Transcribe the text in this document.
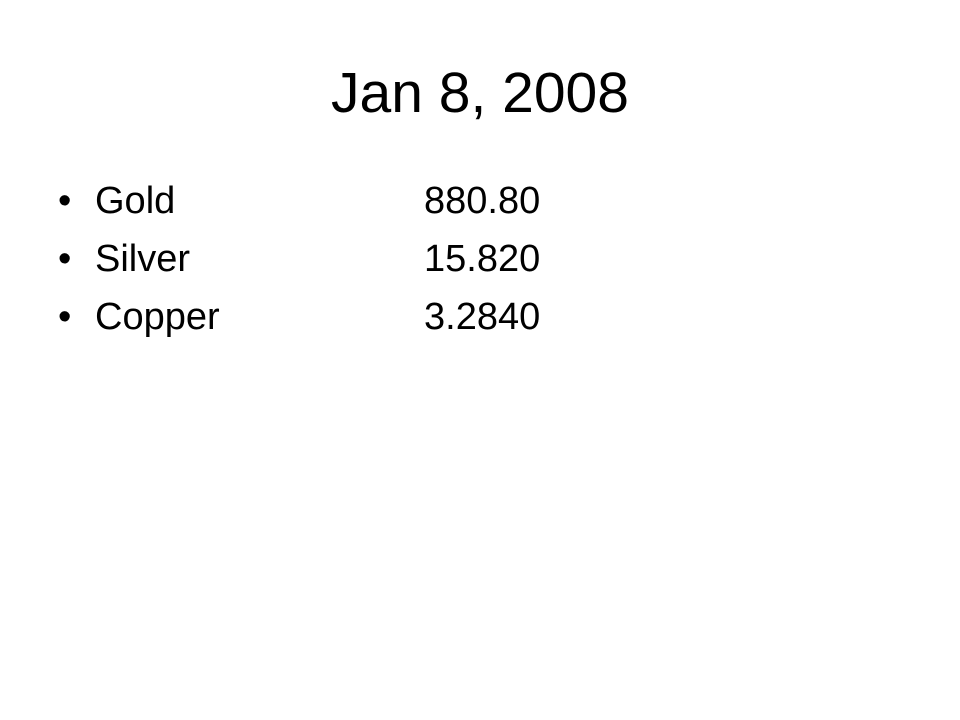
Jan 8, 2008
• Gold	880.80
• Silver	15.820
• Copper	3.2840
